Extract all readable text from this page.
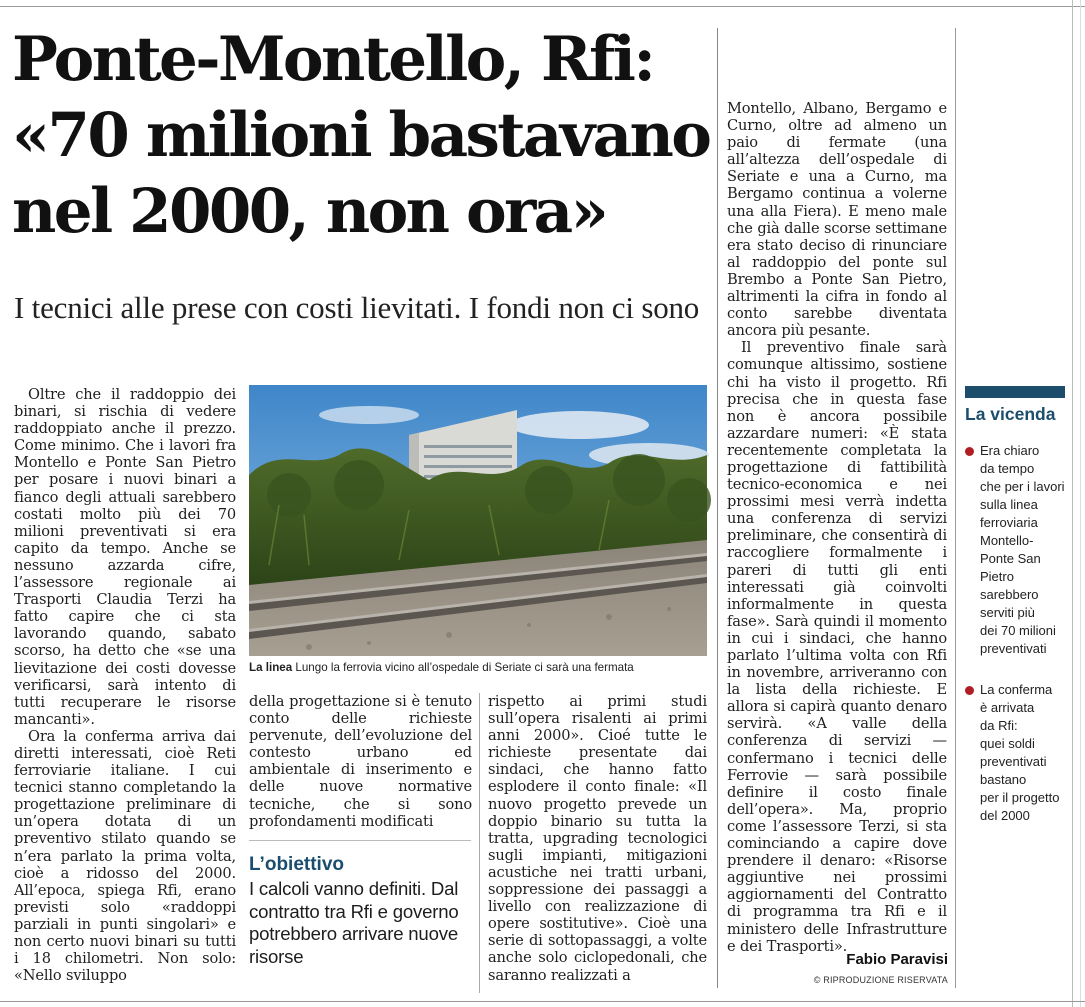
Ponte-Montello, Rfi:
«70 milioni bastavano
nel 2000, non ora»
I tecnici alle prese con costi lievitati. I fondi non ci sono

Oltre che il raddoppio dei binari, si rischia di vedere raddoppiato anche il prezzo. Come minimo. Che i lavori fra Montello e Ponte San Pietro per posare i nuovi binari a fianco degli attuali sarebbero costati molto più dei 70 milioni preventivati si era capito da tempo. Anche se nessuno azzarda cifre, l’assessore regionale ai Trasporti Claudia Terzi ha fatto capire che ci sta lavorando quando, sabato scorso, ha detto che «se una lievitazione dei costi dovesse verificarsi, sarà intento di tutti recuperare le risorse mancanti».

Ora la conferma arriva dai diretti interessati, cioè Reti ferroviarie italiane. I cui tecnici stanno completando la progettazione preliminare di un’opera dotata di un preventivo stilato quando se n’era parlato la prima volta, cioè a ridosso del 2000. All’epoca, spiega Rfi, erano previsti solo «raddoppi parziali in punti singolari» e non certo nuovi binari su tutti i 18 chilometri. Non solo: «Nello sviluppo

La linea Lungo la ferrovia vicino all’ospedale di Seriate ci sarà una fermata

della progettazione si è tenuto conto delle richieste pervenute, dell’evoluzione del contesto urbano ed ambientale di inserimento e delle nuove normative tecniche, che si sono profondamenti modificati

L’obiettivo
I calcoli vanno definiti. Dal contratto tra Rfi e governo potrebbero arrivare nuove risorse

rispetto ai primi studi sull’opera risalenti ai primi anni 2000». Cioé tutte le richieste presentate dai sindaci, che hanno fatto esplodere il conto finale: «Il nuovo progetto prevede un doppio binario su tutta la tratta, upgrading tecnologici sugli impianti, mitigazioni acustiche nei tratti urbani, soppressione dei passaggi a livello con realizzazione di opere sostitutive». Cioè una serie di sottopassaggi, a volte anche solo ciclopedonali, che saranno realizzati a

Montello, Albano, Bergamo e Curno, oltre ad almeno un paio di fermate (una all’altezza dell’ospedale di Seriate e una a Curno, ma Bergamo continua a volerne una alla Fiera). E meno male che già dalle scorse settimane era stato deciso di rinunciare al raddoppio del ponte sul Brembo a Ponte San Pietro, altrimenti la cifra in fondo al conto sarebbe diventata ancora più pesante.

Il preventivo finale sarà comunque altissimo, sostiene chi ha visto il progetto. Rfi precisa che in questa fase non è ancora possibile azzardare numeri: «È stata recentemente completata la progettazione di fattibilità tecnico-economica e nei prossimi mesi verrà indetta una conferenza di servizi preliminare, che consentirà di raccogliere formalmente i pareri di tutti gli enti interessati già coinvolti informalmente in questa fase». Sarà quindi il momento in cui i sindaci, che hanno parlato l’ultima volta con Rfi in novembre, arriveranno con la lista della richieste. E allora si capirà quanto denaro servirà. «A valle della conferenza di servizi — confermano i tecnici delle Ferrovie — sarà possibile definire il costo finale dell’opera». Ma, proprio come l’assessore Terzi, si sta cominciando a capire dove prendere il denaro: «Risorse aggiuntive nei prossimi aggiornamenti del Contratto di programma tra Rfi e il ministero delle Infrastrutture e dei Trasporti».

Fabio Paravisi
© RIPRODUZIONE RISERVATA
La vicenda
Era chiaro
da tempo
che per i lavori
sulla linea
ferroviaria
Montello-
Ponte San
Pietro
sarebbero
serviti più
dei 70 milioni
preventivati
La conferma
è arrivata
da Rfi:
quei soldi
preventivati
bastano
per il progetto
del 2000
